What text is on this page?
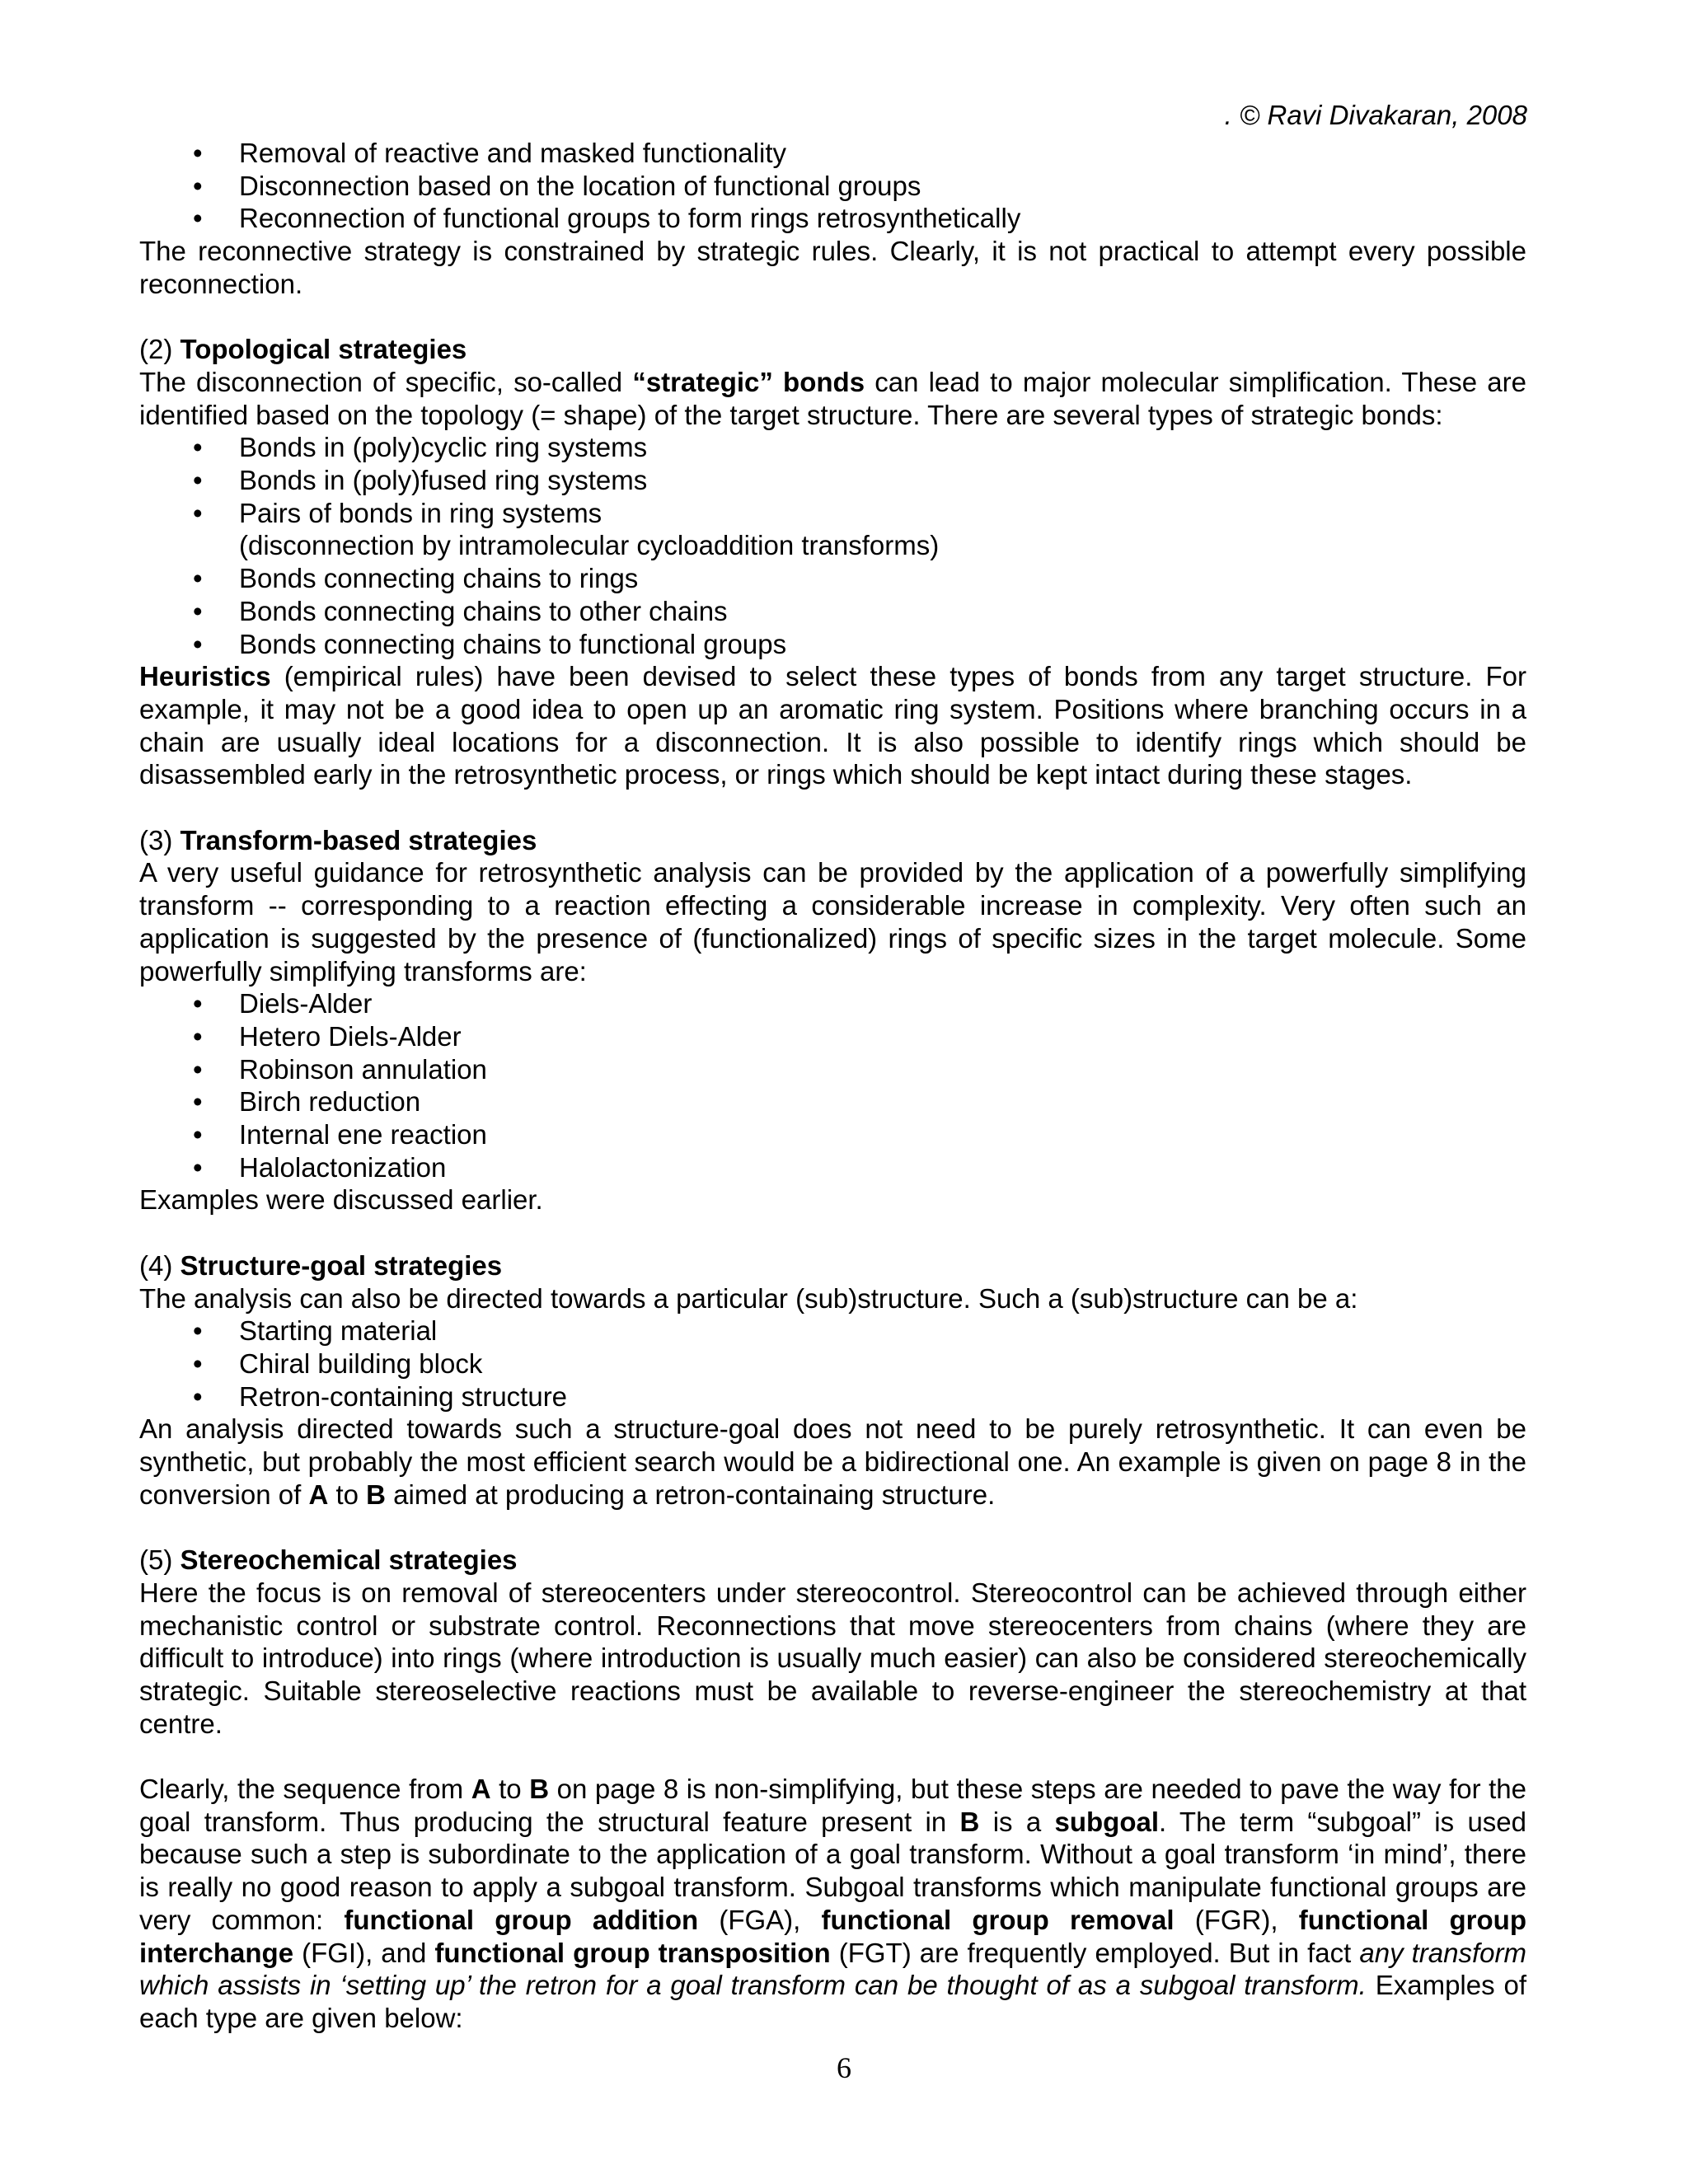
. © Ravi Divakaran, 2008
• Removal of reactive and masked functionality
• Disconnection based on the location of functional groups
• Reconnection of functional groups to form rings retrosynthetically

The reconnective strategy is constrained by strategic rules. Clearly, it is not practical to attempt every possible reconnection.

(2) Topological strategies

The disconnection of specific, so-called “strategic” bonds can lead to major molecular simplification. These are identified based on the topology (= shape) of the target structure. There are several types of strategic bonds:

• Bonds in (poly)cyclic ring systems
• Bonds in (poly)fused ring systems
• Pairs of bonds in ring systems
(disconnection by intramolecular cycloaddition transforms)
• Bonds connecting chains to rings
• Bonds connecting chains to other chains
• Bonds connecting chains to functional groups

Heuristics (empirical rules) have been devised to select these types of bonds from any target structure. For example, it may not be a good idea to open up an aromatic ring system. Positions where branching occurs in a chain are usually ideal locations for a disconnection. It is also possible to identify rings which should be disassembled early in the retrosynthetic process, or rings which should be kept intact during these stages.

(3) Transform-based strategies

A very useful guidance for retrosynthetic analysis can be provided by the application of a powerfully simplifying transform -- corresponding to a reaction effecting a considerable increase in complexity. Very often such an application is suggested by the presence of (functionalized) rings of specific sizes in the target molecule. Some powerfully simplifying transforms are:

• Diels-Alder
• Hetero Diels-Alder
• Robinson annulation
• Birch reduction
• Internal ene reaction
• Halolactonization

Examples were discussed earlier.

(4) Structure-goal strategies

The analysis can also be directed towards a particular (sub)structure. Such a (sub)structure can be a:

• Starting material
• Chiral building block
• Retron-containing structure

An analysis directed towards such a structure-goal does not need to be purely retrosynthetic. It can even be synthetic, but probably the most efficient search would be a bidirectional one. An example is given on page 8 in the conversion of A to B aimed at producing a retron-containaing structure.

(5) Stereochemical strategies

Here the focus is on removal of stereocenters under stereocontrol. Stereocontrol can be achieved through either mechanistic control or substrate control. Reconnections that move stereocenters from chains (where they are difficult to introduce) into rings (where introduction is usually much easier) can also be considered stereochemically strategic. Suitable stereoselective reactions must be available to reverse-engineer the stereochemistry at that centre.

Clearly, the sequence from A to B on page 8 is non-simplifying, but these steps are needed to pave the way for the goal transform. Thus producing the structural feature present in B is a subgoal. The term “subgoal” is used because such a step is subordinate to the application of a goal transform. Without a goal transform ‘in mind’, there is really no good reason to apply a subgoal transform. Subgoal transforms which manipulate functional groups are very common: functional group addition (FGA), functional group removal (FGR), functional group interchange (FGI), and functional group transposition (FGT) are frequently employed. But in fact any transform which assists in ‘setting up’ the retron for a goal transform can be thought of as a subgoal transform. Examples of each type are given below:

6
